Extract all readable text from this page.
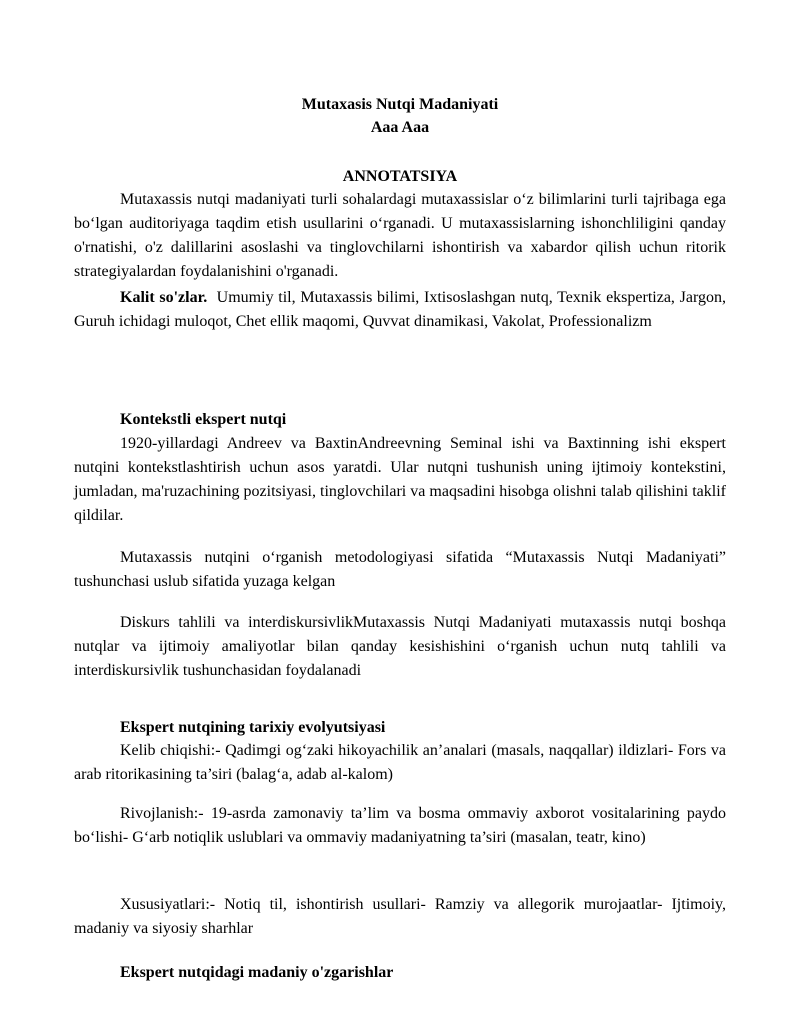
Mutaxasis Nutqi Madaniyati
Aaa Aaa
ANNOTATSIYA

Mutaxassis nutqi madaniyati turli sohalardagi mutaxassislar o‘z bilimlarini turli tajribaga ega bo‘lgan auditoriyaga taqdim etish usullarini o‘rganadi. U mutaxassislarning ishonchliligini qanday o'rnatishi, o'z dalillarini asoslashi va tinglovchilarni ishontirish va xabardor qilish uchun ritorik strategiyalardan foydalanishini o'rganadi.

Kalit so'zlar. Umumiy til, Mutaxassis bilimi, Ixtisoslashgan nutq, Texnik ekspertiza, Jargon, Guruh ichidagi muloqot, Chet ellik maqomi, Quvvat dinamikasi, Vakolat, Professionalizm

Kontekstli ekspert nutqi

1920-yillardagi Andreev va BaxtinAndreevning Seminal ishi va Baxtinning ishi ekspert nutqini kontekstlashtirish uchun asos yaratdi. Ular nutqni tushunish uning ijtimoiy kontekstini, jumladan, ma'ruzachining pozitsiyasi, tinglovchilari va maqsadini hisobga olishni talab qilishini taklif qildilar.

Mutaxassis nutqini o‘rganish metodologiyasi sifatida “Mutaxassis Nutqi Madaniyati” tushunchasi uslub sifatida yuzaga kelgan

Diskurs tahlili va interdiskursivlikMutaxassis Nutqi Madaniyati mutaxassis nutqi boshqa nutqlar va ijtimoiy amaliyotlar bilan qanday kesishishini o‘rganish uchun nutq tahlili va interdiskursivlik tushunchasidan foydalanadi

Ekspert nutqining tarixiy evolyutsiyasi

Kelib chiqishi:- Qadimgi og‘zaki hikoyachilik an’analari (masals, naqqallar) ildizlari- Fors va arab ritorikasining ta’siri (balag‘a, adab al-kalom)

Rivojlanish:- 19-asrda zamonaviy ta’lim va bosma ommaviy axborot vositalarining paydo bo‘lishi- G‘arb notiqlik uslublari va ommaviy madaniyatning ta’siri (masalan, teatr, kino)

Xususiyatlari:- Notiq til, ishontirish usullari- Ramziy va allegorik murojaatlar- Ijtimoiy, madaniy va siyosiy sharhlar

Ekspert nutqidagi madaniy o'zgarishlar
